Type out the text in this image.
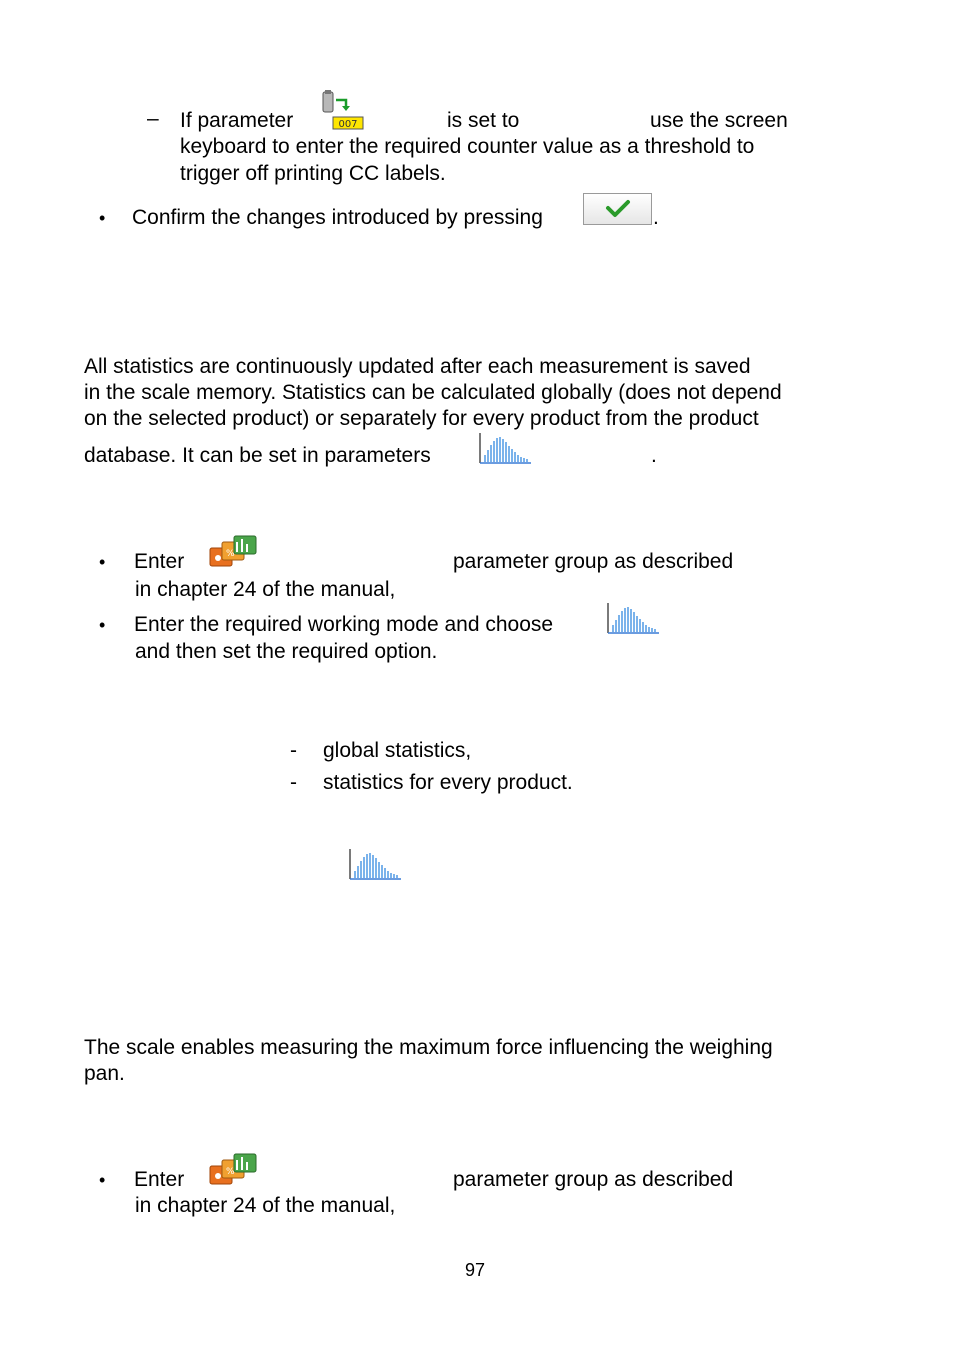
– If parameter	007	is set to	use the screen
keyboard to enter the required counter value as a threshold to
trigger off printing CC labels.
• Confirm the changes introduced by pressing	.
All statistics are continuously updated after each measurement is saved
in the scale memory. Statistics can be calculated globally (does not depend
on the selected product) or separately for every product from the product
database. It can be set in parameters	.
• Enter	parameter group as described
in chapter 24 of the manual,
• Enter the required working mode and choose
and then set the required option.
- global statistics,
- statistics for every product.
The scale enables measuring the maximum force influencing the weighing
pan.
• Enter	parameter group as described
in chapter 24 of the manual,
97
